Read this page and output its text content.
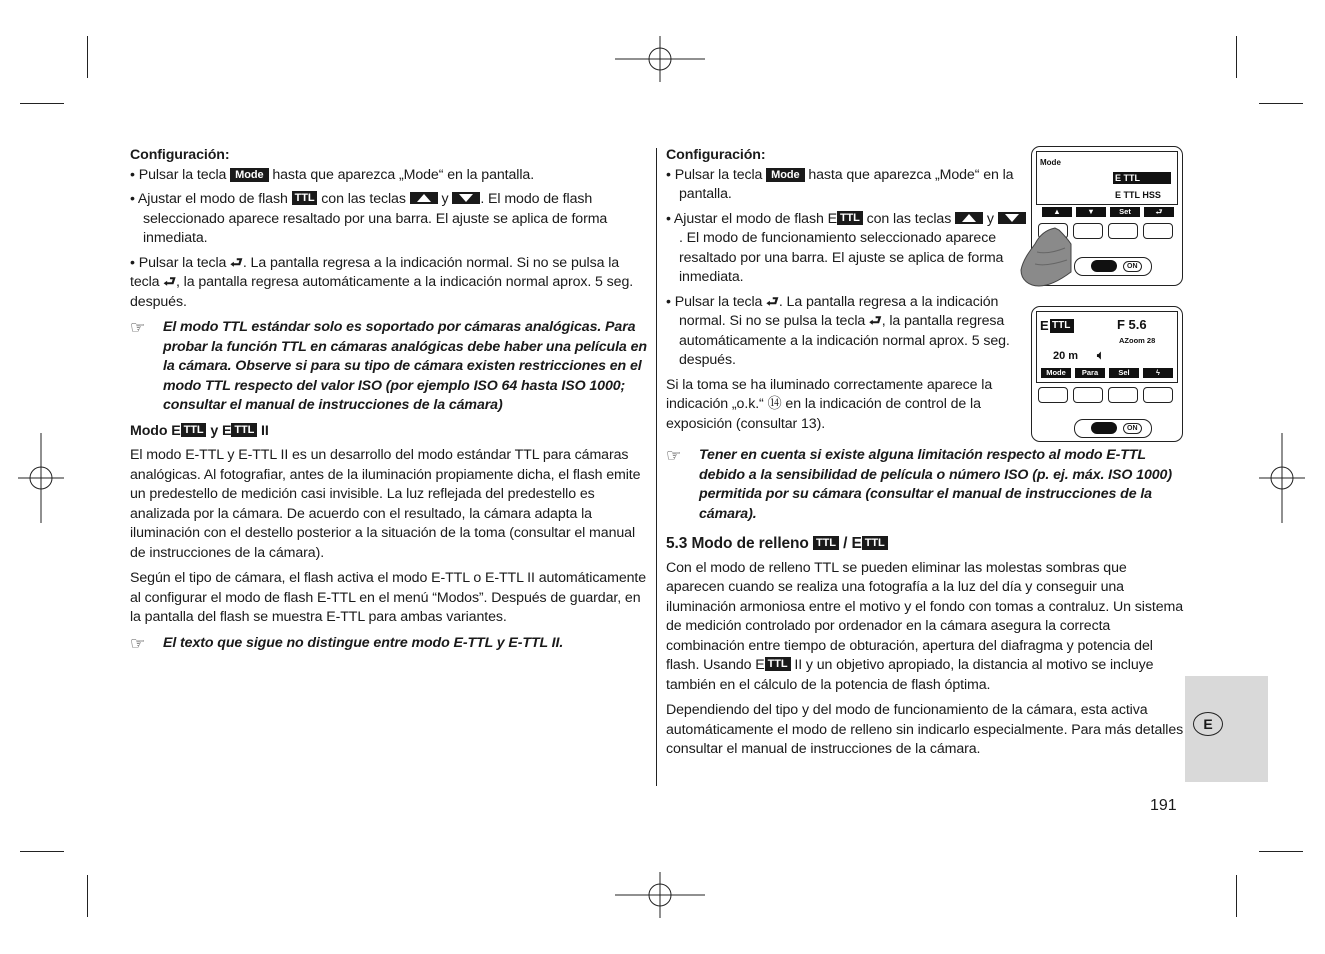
Configuración:

• Pulsar la tecla Mode hasta que aparezca „Mode“ en la pantalla.

• Ajustar el modo de flash TTL con las teclas	y . El modo de flash seleccionado aparece resaltado por una barra. El ajuste se aplica de forma inmediata.

• Pulsar la tecla ⮐. La pantalla regresa a la indicación normal. Si no se pulsa la tecla ⮐, la pantalla regresa automáticamente a la indicación normal aprox. 5 seg. después.

☞ El modo TTL estándar solo es soportado por cámaras analógicas. Para probar la función TTL en cámaras analógicas debe haber una película en la cámara. Observe si para su tipo de cámara existen restricciones en el modo TTL respecto del valor ISO (por ejemplo ISO 64 hasta ISO 1000; consultar el manual de instrucciones de la cámara)

Modo E TTL y E TTL II

El modo E-TTL y E-TTL II es un desarrollo del modo estándar TTL para cámaras analógicas. Al fotografiar, antes de la iluminación propiamente dicha, el flash emite un predestello de medición casi invisible. La luz reflejada del predestello es analizada por la cámara. De acuerdo con el resultado, la cámara adapta la iluminación con el destello posterior a la situación de la toma (consultar el manual de instrucciones de la cámara).

Según el tipo de cámara, el flash activa el modo E-TTL o E-TTL II automáticamente al configurar el modo de flash E-TTL en el menú “Modos”. Después de guardar, en la pantalla del flash se muestra E-TTL para ambas variantes.

☞ El texto que sigue no distingue entre modo E-TTL y E-TTL II.

Configuración:

• Pulsar la tecla Mode hasta que aparezca „Mode“ en la pantalla.

• Ajustar el modo de flash E TTL con las teclas	y . El modo de funcionamiento seleccionado aparece resaltado por una barra. El ajuste se aplica de forma inmediata.

• Pulsar la tecla ⮐. La pantalla regresa a la indicación normal. Si no se pulsa la tecla ⮐, la pantalla regresa automáticamente a la indicación normal aprox. 5 seg. después.

Si la toma se ha iluminado correctamente aparece la indicación „o.k.“ ⑭ en la indicación de control de la exposición (consultar 13).

☞ Tener en cuenta si existe alguna limitación respecto al modo E-TTL debido a la sensibilidad de película o número ISO (p. ej. máx. ISO 1000) permitida por su cámara (consultar el manual de instrucciones de la cámara).

5.3 Modo de relleno TTL / E TTL

Con el modo de relleno TTL se pueden eliminar las molestas sombras que aparecen cuando se realiza una fotografía a la luz del día y conseguir una iluminación armoniosa entre el motivo y el fondo con tomas a contraluz. Un sistema de medición controlado por ordenador en la cámara asegura la correcta combinación entre tiempo de obturación, apertura del diafragma y potencia del flash. Usando E TTL II y un objetivo apropiado, la distancia al motivo se incluye también en el cálculo de la potencia de flash óptima.

Dependiendo del tipo y del modo de funcionamiento de la cámara, esta activa automáticamente el modo de relleno sin indicarlo especialmente. Para más detalles consultar el manual de instrucciones de la cámara.

Mode
E TTL
E TTL HSS
▲	▼	Set	⮐
ON
E TTL	F 5.6
AZoom 28
20 m 🔈︎
Mode	Para	Sel	ϟ
ON
E
191
